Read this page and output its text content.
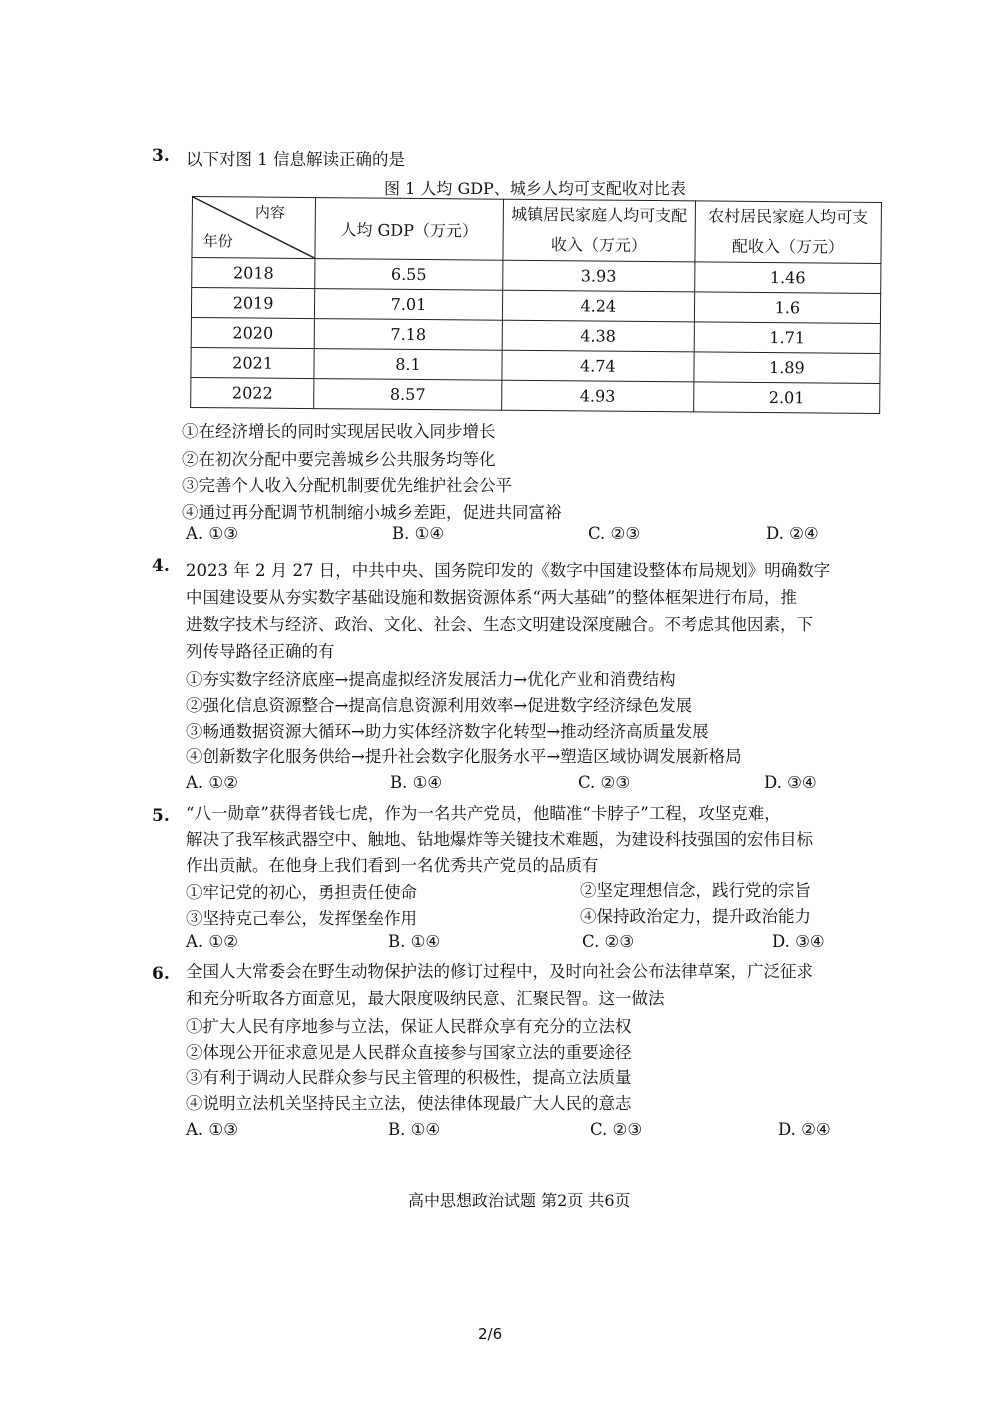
3. 以下对图 1 信息解读正确的是
图 1 人均 GDP、城乡人均可支配收对比表
内容
年份	人均 GDP（万元）	城镇居民家庭人均可支配收入（万元）	农村居民家庭人均可支配收入（万元）
2018	6.55	3.93	1.46
2019	7.01	4.24	1.6
2020	7.18	4.38	1.71
2021	8.1	4.74	1.89
2022	8.57	4.93	2.01
①在经济增长的同时实现居民收入同步增长
②在初次分配中要完善城乡公共服务均等化
③完善个人收入分配机制要优先维护社会公平
④通过再分配调节机制缩小城乡差距，促进共同富裕
A. ①③	B. ①④	C. ②③	D. ②④
4. 2023 年 2 月 27 日，中共中央、国务院印发的《数字中国建设整体布局规划》明确数字
中国建设要从夯实数字基础设施和数据资源体系“两大基础”的整体框架进行布局，推
进数字技术与经济、政治、文化、社会、生态文明建设深度融合。不考虑其他因素，下
列传导路径正确的有
①夯实数字经济底座→提高虚拟经济发展活力→优化产业和消费结构
②强化信息资源整合→提高信息资源利用效率→促进数字经济绿色发展
③畅通数据资源大循环→助力实体经济数字化转型→推动经济高质量发展
④创新数字化服务供给→提升社会数字化服务水平→塑造区域协调发展新格局
A. ①②	B. ①④	C. ②③	D. ③④
5. “八一勋章”获得者钱七虎，作为一名共产党员，他瞄准“卡脖子”工程，攻坚克难，
解决了我军核武器空中、触地、钻地爆炸等关键技术难题，为建设科技强国的宏伟目标
作出贡献。在他身上我们看到一名优秀共产党员的品质有
①牢记党的初心，勇担责任使命	②坚定理想信念，践行党的宗旨
③坚持克己奉公，发挥堡垒作用	④保持政治定力，提升政治能力
A. ①②	B. ①④	C. ②③	D. ③④
6. 全国人大常委会在野生动物保护法的修订过程中，及时向社会公布法律草案，广泛征求
和充分听取各方面意见，最大限度吸纳民意、汇聚民智。这一做法
①扩大人民有序地参与立法，保证人民群众享有充分的立法权
②体现公开征求意见是人民群众直接参与国家立法的重要途径
③有利于调动人民群众参与民主管理的积极性，提高立法质量
④说明立法机关坚持民主立法，使法律体现最广大人民的意志
A. ①③	B. ①④	C. ②③	D. ②④
高中思想政治试题 第2页 共6页
2/6
